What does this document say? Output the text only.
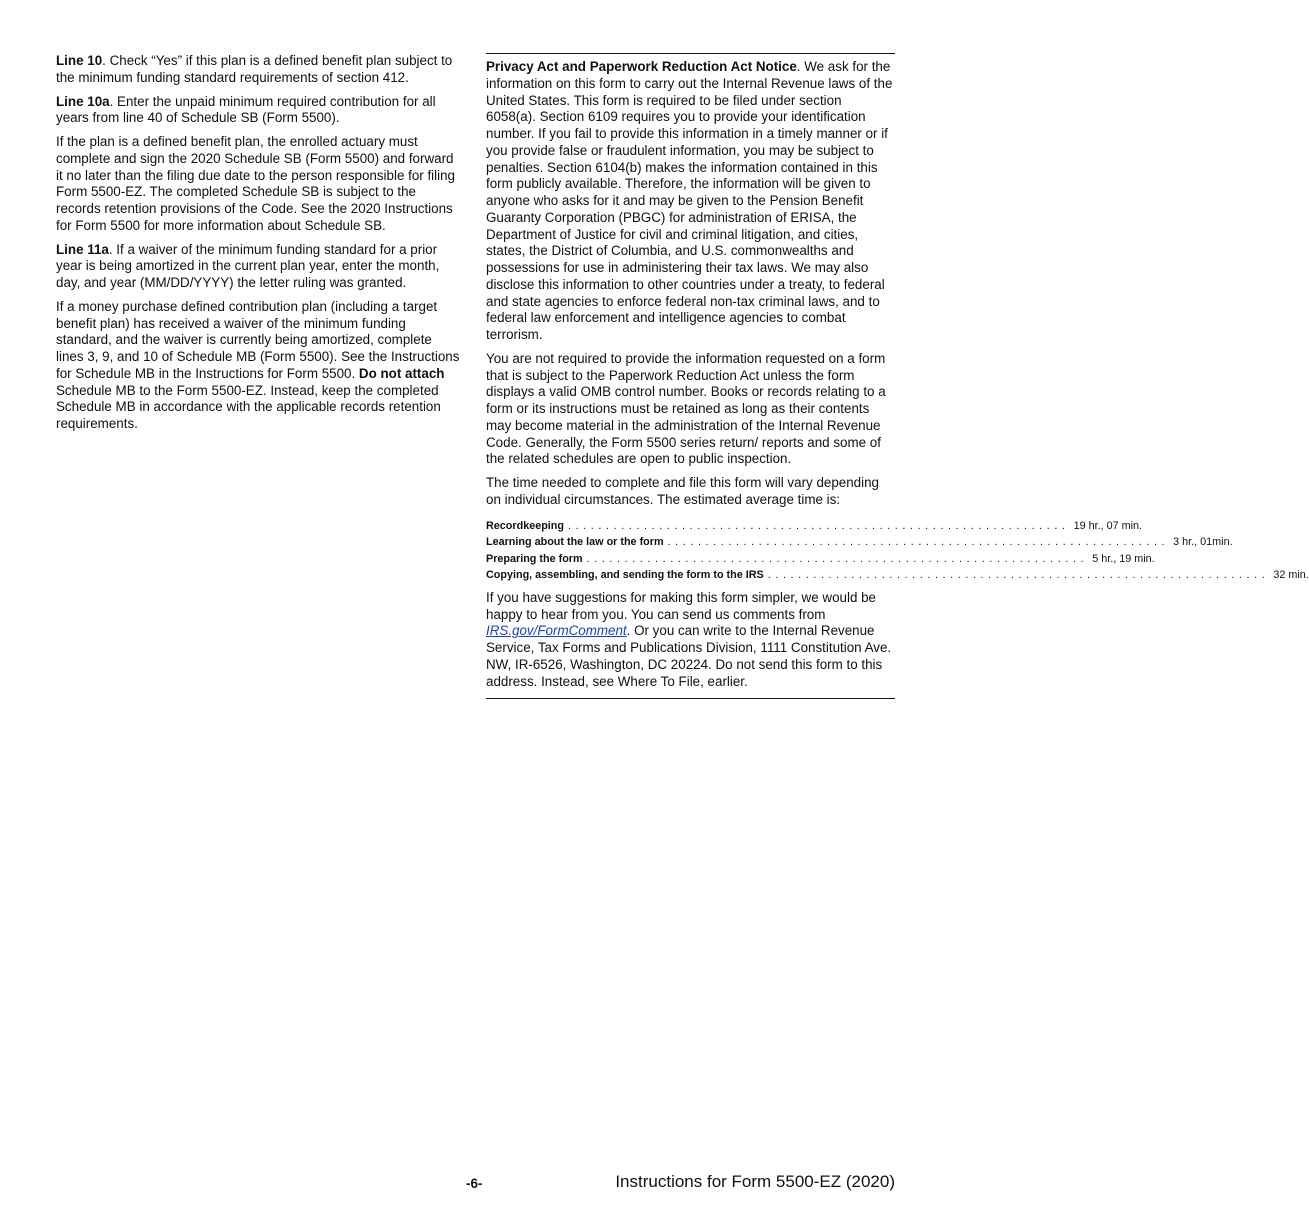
Line 10. Check “Yes” if this plan is a defined benefit plan subject to the minimum funding standard requirements of section 412.

Line 10a. Enter the unpaid minimum required contribution for all years from line 40 of Schedule SB (Form 5500).

If the plan is a defined benefit plan, the enrolled actuary must complete and sign the 2020 Schedule SB (Form 5500) and forward it no later than the filing due date to the person responsible for filing Form 5500-EZ. The completed Schedule SB is subject to the records retention provisions of the Code. See the 2020 Instructions for Form 5500 for more information about Schedule SB.

Line 11a. If a waiver of the minimum funding standard for a prior year is being amortized in the current plan year, enter the month, day, and year (MM/DD/YYYY) the letter ruling was granted.

If a money purchase defined contribution plan (including a target benefit plan) has received a waiver of the minimum funding standard, and the waiver is currently being amortized, complete lines 3, 9, and 10 of Schedule MB (Form 5500). See the Instructions for Schedule MB in the Instructions for Form 5500. Do not attach Schedule MB to the Form 5500-EZ. Instead, keep the completed Schedule MB in accordance with the applicable records retention requirements.

Privacy Act and Paperwork Reduction Act Notice. We ask for the information on this form to carry out the Internal Revenue laws of the United States. This form is required to be filed under section 6058(a). Section 6109 requires you to provide your identification number. If you fail to provide this information in a timely manner or if you provide false or fraudulent information, you may be subject to penalties. Section 6104(b) makes the information contained in this form publicly available. Therefore, the information will be given to anyone who asks for it and may be given to the Pension Benefit Guaranty Corporation (PBGC) for administration of ERISA, the Department of Justice for civil and criminal litigation, and cities, states, the District of Columbia, and U.S. commonwealths and possessions for use in administering their tax laws. We may also disclose this information to other countries under a treaty, to federal and state agencies to enforce federal non-tax criminal laws, and to federal law enforcement and intelligence agencies to combat terrorism.

You are not required to provide the information requested on a form that is subject to the Paperwork Reduction Act unless the form displays a valid OMB control number. Books or records relating to a form or its instructions must be retained as long as their contents may become material in the administration of the Internal Revenue Code. Generally, the Form 5500 series return/ reports and some of the related schedules are open to public inspection.

The time needed to complete and file this form will vary depending on individual circumstances. The estimated average time is:

Recordkeeping .................................................................. 19 hr., 07 min.
Learning about the law or the form .................................................................. 3 hr., 01min.
Preparing the form .................................................................. 5 hr., 19 min.
Copying, assembling, and sending the form to the IRS .................................................................. 32 min.

If you have suggestions for making this form simpler, we would be happy to hear from you. You can send us comments from IRS.gov/FormComment. Or you can write to the Internal Revenue Service, Tax Forms and Publications Division, 1111 Constitution Ave. NW, IR-6526, Washington, DC 20224. Do not send this form to this address. Instead, see Where To File, earlier.

-6-	Instructions for Form 5500-EZ (2020)
